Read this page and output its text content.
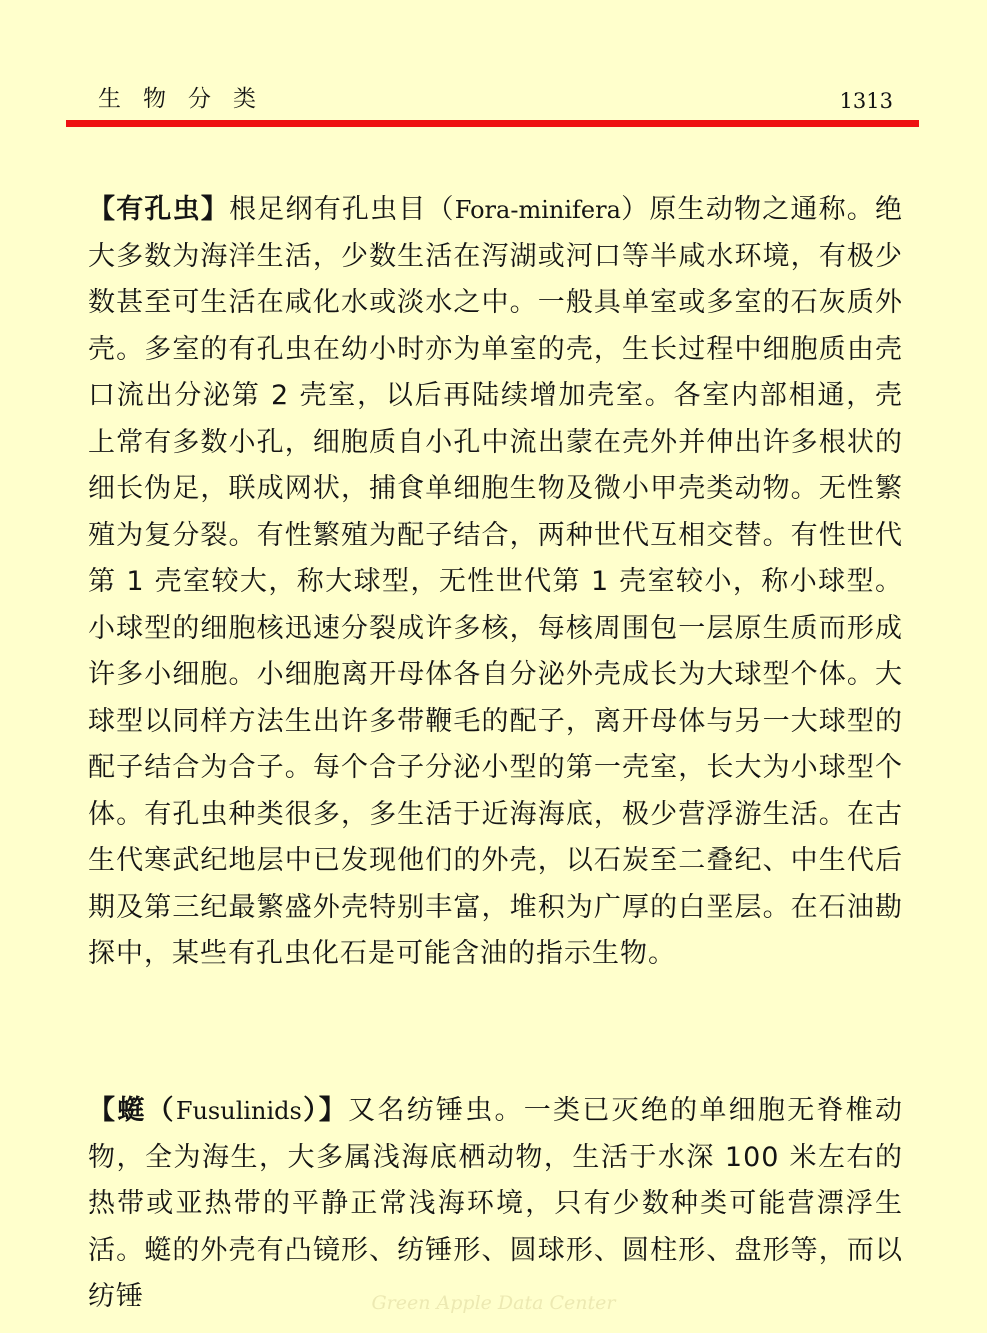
生物分类	1313

【有孔虫】根足纲有孔虫目（Fora-minifera）原生动物之通称。绝大多数为海洋生活，少数生活在泻湖或河口等半咸水环境，有极少数甚至可生活在咸化水或淡水之中。一般具单室或多室的石灰质外壳。多室的有孔虫在幼小时亦为单室的壳，生长过程中细胞质由壳口流出分泌第 2 壳室，以后再陆续增加壳室。各室内部相通，壳上常有多数小孔，细胞质自小孔中流出蒙在壳外并伸出许多根状的细长伪足，联成网状，捕食单细胞生物及微小甲壳类动物。无性繁殖为复分裂。有性繁殖为配子结合，两种世代互相交替。有性世代第 1 壳室较大，称大球型，无性世代第 1 壳室较小，称小球型。小球型的细胞核迅速分裂成许多核，每核周围包一层原生质而形成许多小细胞。小细胞离开母体各自分泌外壳成长为大球型个体。大球型以同样方法生出许多带鞭毛的配子，离开母体与另一大球型的配子结合为合子。每个合子分泌小型的第一壳室，长大为小球型个体。有孔虫种类很多，多生活于近海海底，极少营浮游生活。在古生代寒武纪地层中已发现他们的外壳，以石炭至二叠纪、中生代后期及第三纪最繁盛外壳特别丰富，堆积为广厚的白垩层。在石油勘探中，某些有孔虫化石是可能含油的指示生物。

【䗴（Fusulinids）】又名纺锤虫。一类已灭绝的单细胞无脊椎动物，全为海生，大多属浅海底栖动物，生活于水深 100 米左右的热带或亚热带的平静正常浅海环境，只有少数种类可能营漂浮生活。䗴的外壳有凸镜形、纺锤形、圆球形、圆柱形、盘形等，而以纺锤	Green Apple Data Center
